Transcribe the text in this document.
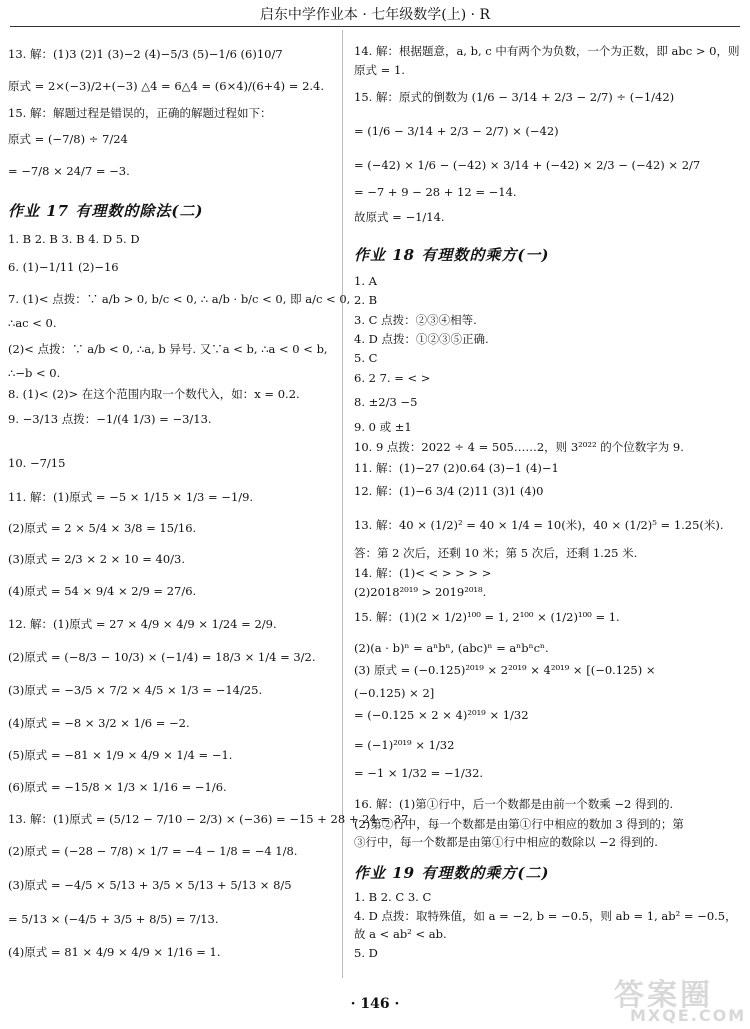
启东中学作业本 · 七年级数学(上) · R
13. 解：(1)3 (2)1 (3)−2 (4)−5/3 (5)−1/6 (6)10/7
原式 = 2×(−3)/2+(−3) △4 = 6△4 = (6×4)/(6+4) = 2.4.
15. 解：解题过程是错误的，正确的解题过程如下：
原式 = (−7/8) ÷ 7/24
= −7/8 × 24/7 = −3.
作业 17 有理数的除法(二)
1. B 2. B 3. B 4. D 5. D
6. (1)−1/11 (2)−16
7. (1)< 点拨：∵ a/b > 0, b/c < 0, ∴ a/b · b/c < 0, 即 a/c < 0,
∴ac < 0.
(2)< 点拨：∵ a/b < 0, ∴a, b 异号. 又∵a < b, ∴a < 0 < b,
∴−b < 0.
8. (1)< (2)> 在这个范围内取一个数代入，如：x = 0.2.
9. −3/13 点拨：−1/(4 1/3) = −3/13.
10. −7/15
11. 解：(1)原式 = −5 × 1/15 × 1/3 = −1/9.
(2)原式 = 2 × 5/4 × 3/8 = 15/16.
(3)原式 = 2/3 × 2 × 10 = 40/3.
(4)原式 = 54 × 9/4 × 2/9 = 27/6.
12. 解：(1)原式 = 27 × 4/9 × 4/9 × 1/24 = 2/9.
(2)原式 = (−8/3 − 10/3) × (−1/4) = 18/3 × 1/4 = 3/2.
(3)原式 = −3/5 × 7/2 × 4/5 × 1/3 = −14/25.
(4)原式 = −8 × 3/2 × 1/6 = −2.
(5)原式 = −81 × 1/9 × 4/9 × 1/4 = −1.
(6)原式 = −15/8 × 1/3 × 1/16 = −1/6.
13. 解：(1)原式 = (5/12 − 7/10 − 2/3) × (−36) = −15 + 28 + 24 = 37.
(2)原式 = (−28 − 7/8) × 1/7 = −4 − 1/8 = −4 1/8.
(3)原式 = −4/5 × 5/13 + 3/5 × 5/13 + 5/13 × 8/5
= 5/13 × (−4/5 + 3/5 + 8/5) = 7/13.
(4)原式 = 81 × 4/9 × 4/9 × 1/16 = 1.
14. 解：根据题意，a, b, c 中有两个为负数，一个为正数，即 abc > 0，则
原式 = 1.
15. 解：原式的倒数为 (1/6 − 3/14 + 2/3 − 2/7) ÷ (−1/42)
= (1/6 − 3/14 + 2/3 − 2/7) × (−42)
= (−42) × 1/6 − (−42) × 3/14 + (−42) × 2/3 − (−42) × 2/7
= −7 + 9 − 28 + 12 = −14.
故原式 = −1/14.
作业 18 有理数的乘方(一)
1. A
2. B
3. C 点拨：②③④相等.
4. D 点拨：①②③⑤正确.
5. C
6. 2 7. = < >
8. ±2/3 −5
9. 0 或 ±1
10. 9 点拨：2022 ÷ 4 = 505……2，则 3²⁰²² 的个位数字为 9.
11. 解：(1)−27 (2)0.64 (3)−1 (4)−1
12. 解：(1)−6 3/4 (2)11 (3)1 (4)0
13. 解：40 × (1/2)² = 40 × 1/4 = 10(米)，40 × (1/2)⁵ = 1.25(米).
答：第 2 次后，还剩 10 米；第 5 次后，还剩 1.25 米.
14. 解：(1)< < > > > >
(2)2018²⁰¹⁹ > 2019²⁰¹⁸.
15. 解：(1)(2 × 1/2)¹⁰⁰ = 1, 2¹⁰⁰ × (1/2)¹⁰⁰ = 1.
(2)(a · b)ⁿ = aⁿbⁿ, (abc)ⁿ = aⁿbⁿcⁿ.
(3) 原式 = (−0.125)²⁰¹⁹ × 2²⁰¹⁹ × 4²⁰¹⁹ × [(−0.125) ×
(−0.125) × 2]
= (−0.125 × 2 × 4)²⁰¹⁹ × 1/32
= (−1)²⁰¹⁹ × 1/32
= −1 × 1/32 = −1/32.
16. 解：(1)第①行中，后一个数都是由前一个数乘 −2 得到的.
(2)第②行中，每一个数都是由第①行中相应的数加 3 得到的；第
③行中，每一个数都是由第①行中相应的数除以 −2 得到的.
作业 19 有理数的乘方(二)
1. B 2. C 3. C
4. D 点拨：取特殊值，如 a = −2, b = −0.5，则 ab = 1, ab² = −0.5，
故 a < ab² < ab.
5. D
· 146 ·	答案圈
MXQE.COM
